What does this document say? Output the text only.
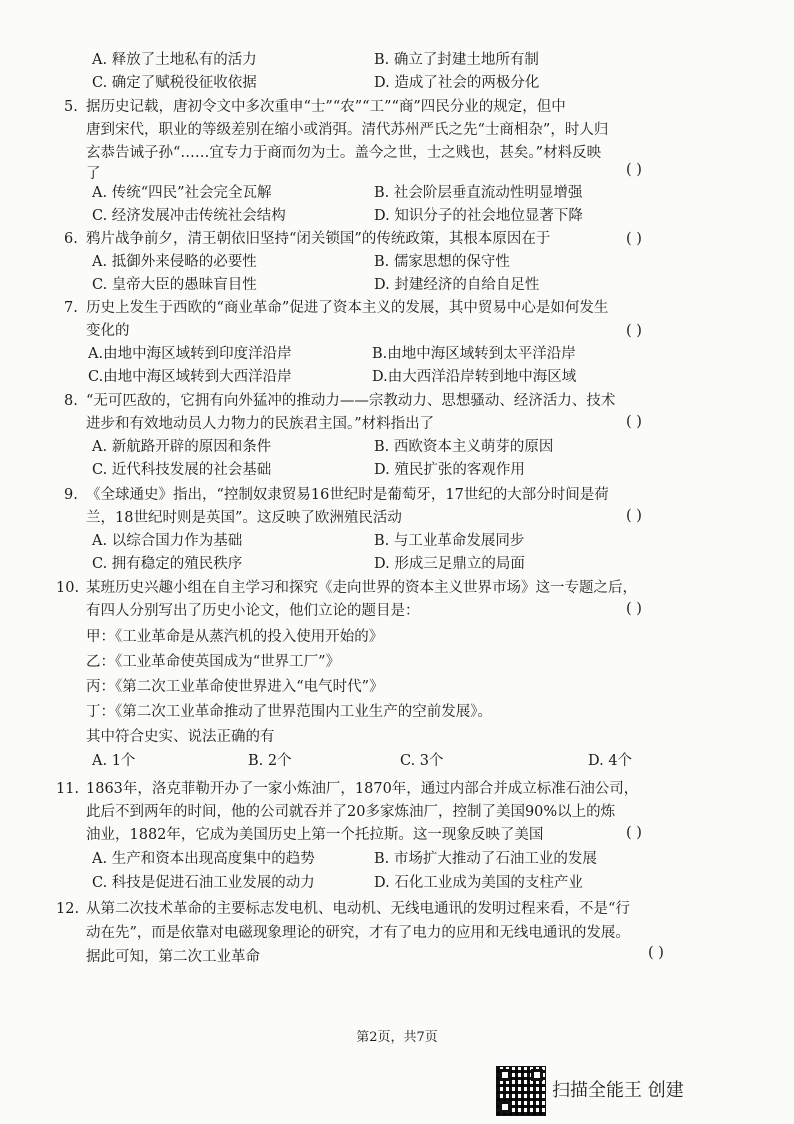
A. 释放了土地私有的活力	B. 确立了封建土地所有制
C. 确定了赋税役征收依据	D. 造成了社会的两极分化
5. 据历史记载，唐初令文中多次重申“士”“农”“工”“商”四民分业的规定，但中
唐到宋代，职业的等级差别在缩小或消弭。清代苏州严氏之先“士商相杂”，时人归
玄恭告诫子孙“……宜专力于商而勿为士。盖今之世，士之贱也，甚矣。”材料反映
了	( )
A. 传统“四民”社会完全瓦解	B. 社会阶层垂直流动性明显增强
C. 经济发展冲击传统社会结构	D. 知识分子的社会地位显著下降
6. 鸦片战争前夕，清王朝依旧坚持“闭关锁国”的传统政策，其根本原因在于	( )
A. 抵御外来侵略的必要性	B. 儒家思想的保守性
C. 皇帝大臣的愚昧盲目性	D. 封建经济的自给自足性
7. 历史上发生于西欧的“商业革命”促进了资本主义的发展，其中贸易中心是如何发生
变化的	( )
A.由地中海区域转到印度洋沿岸	B.由地中海区域转到太平洋沿岸
C.由地中海区域转到大西洋沿岸	D.由大西洋沿岸转到地中海区域
8. “无可匹敌的，它拥有向外猛冲的推动力——宗教动力、思想骚动、经济活力、技术
进步和有效地动员人力物力的民族君主国。”材料指出了	( )
A. 新航路开辟的原因和条件	B. 西欧资本主义萌芽的原因
C. 近代科技发展的社会基础	D. 殖民扩张的客观作用
9. 《全球通史》指出，“控制奴隶贸易16世纪时是葡萄牙，17世纪的大部分时间是荷
兰，18世纪时则是英国”。这反映了欧洲殖民活动	( )
A. 以综合国力作为基础	B. 与工业革命发展同步
C. 拥有稳定的殖民秩序	D. 形成三足鼎立的局面
10. 某班历史兴趣小组在自主学习和探究《走向世界的资本主义世界市场》这一专题之后，
有四人分别写出了历史小论文，他们立论的题目是：	( )
甲：《工业革命是从蒸汽机的投入使用开始的》
乙：《工业革命使英国成为“世界工厂”》
丙：《第二次工业革命使世界进入“电气时代”》
丁：《第二次工业革命推动了世界范围内工业生产的空前发展》。
其中符合史实、说法正确的有
A. 1个	B. 2个	C. 3个	D. 4个
11. 1863年，洛克菲勒开办了一家小炼油厂，1870年，通过内部合并成立标准石油公司，
此后不到两年的时间，他的公司就吞并了20多家炼油厂，控制了美国90%以上的炼
油业，1882年，它成为美国历史上第一个托拉斯。这一现象反映了美国	( )
A. 生产和资本出现高度集中的趋势	B. 市场扩大推动了石油工业的发展
C. 科技是促进石油工业发展的动力	D. 石化工业成为美国的支柱产业
12. 从第二次技术革命的主要标志发电机、电动机、无线电通讯的发明过程来看，不是“行
动在先”，而是依靠对电磁现象理论的研究，才有了电力的应用和无线电通讯的发展。
据此可知，第二次工业革命	( )
第2页，共7页
扫描全能王 创建
